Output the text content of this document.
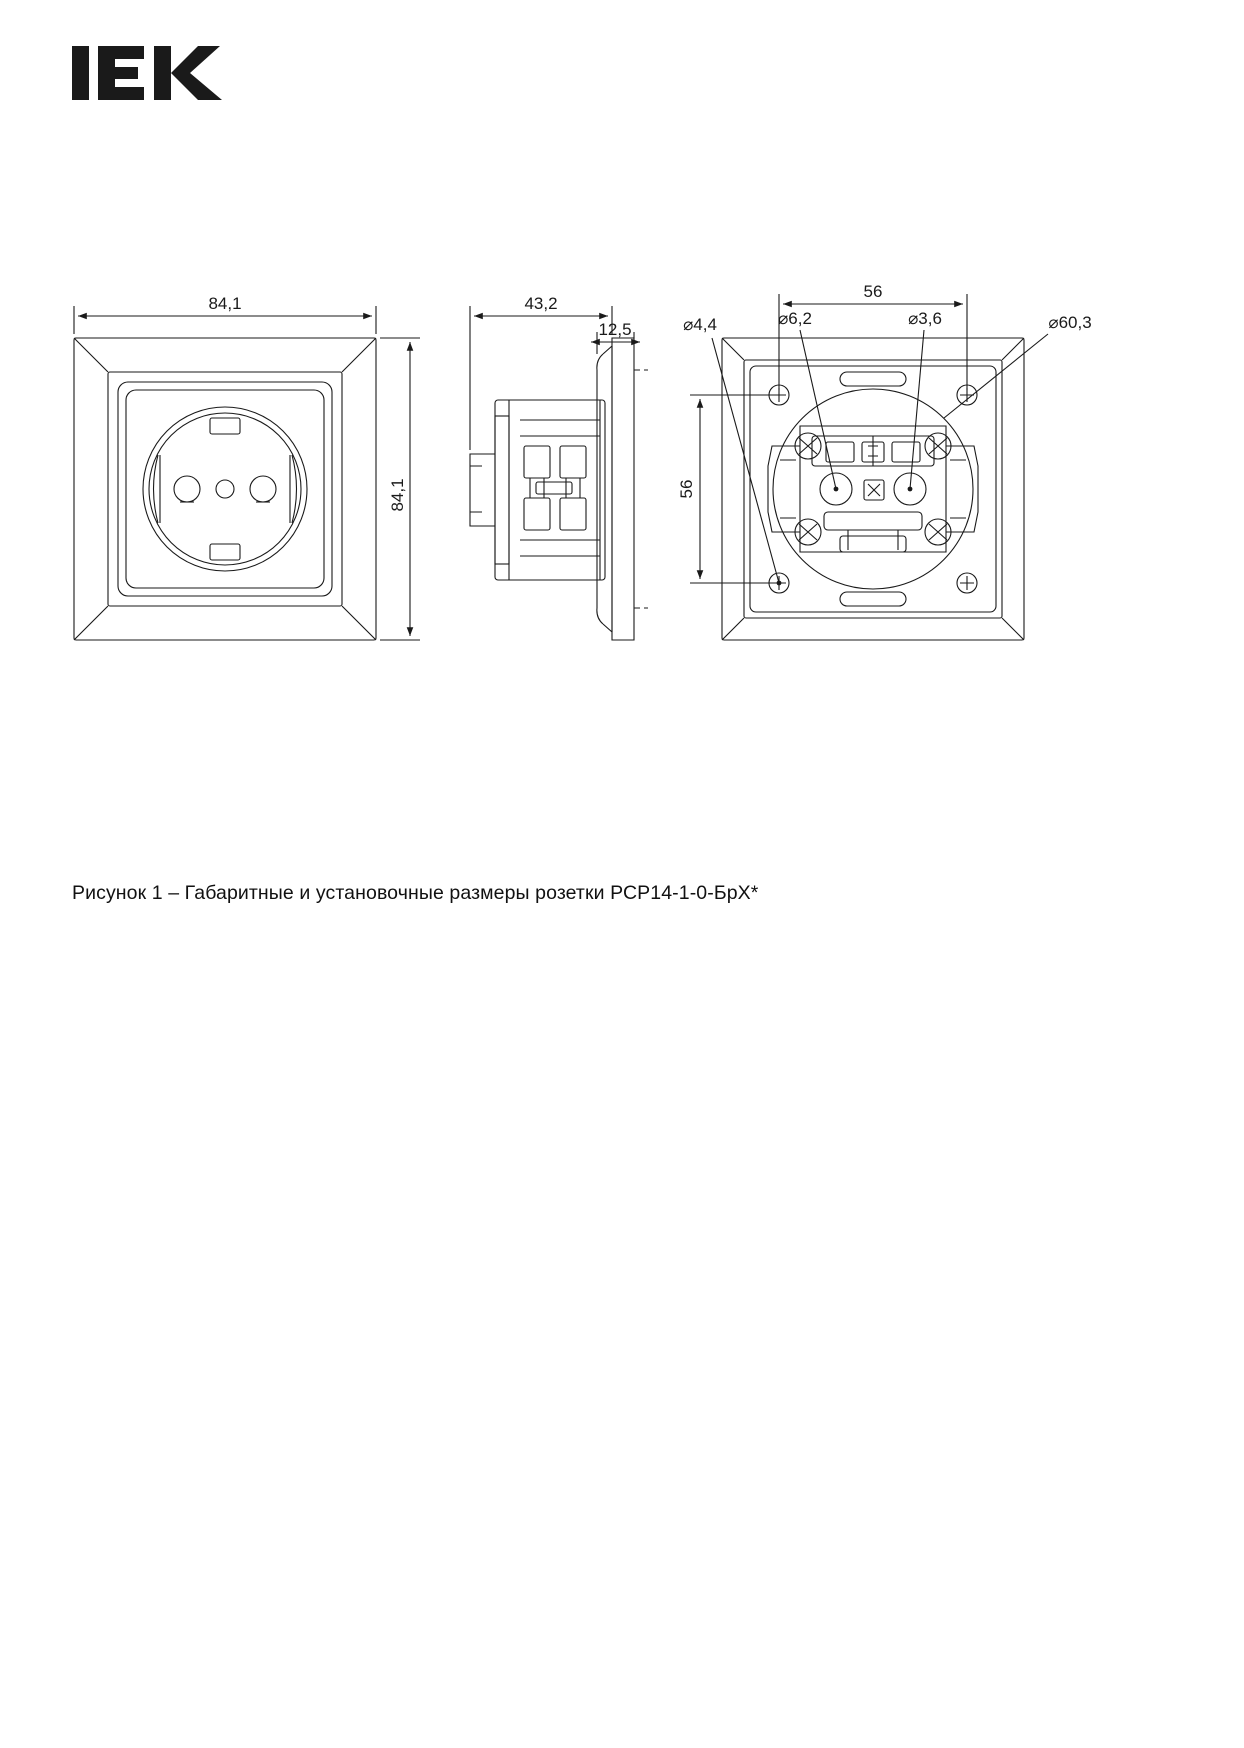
84,1
84,1
43,2
12,5
56
56
⌀4,4	⌀6,2	⌀3,6	⌀60,3
Рисунок 1 – Габаритные и установочные размеры розетки РСР14-1-0-БрХ*
